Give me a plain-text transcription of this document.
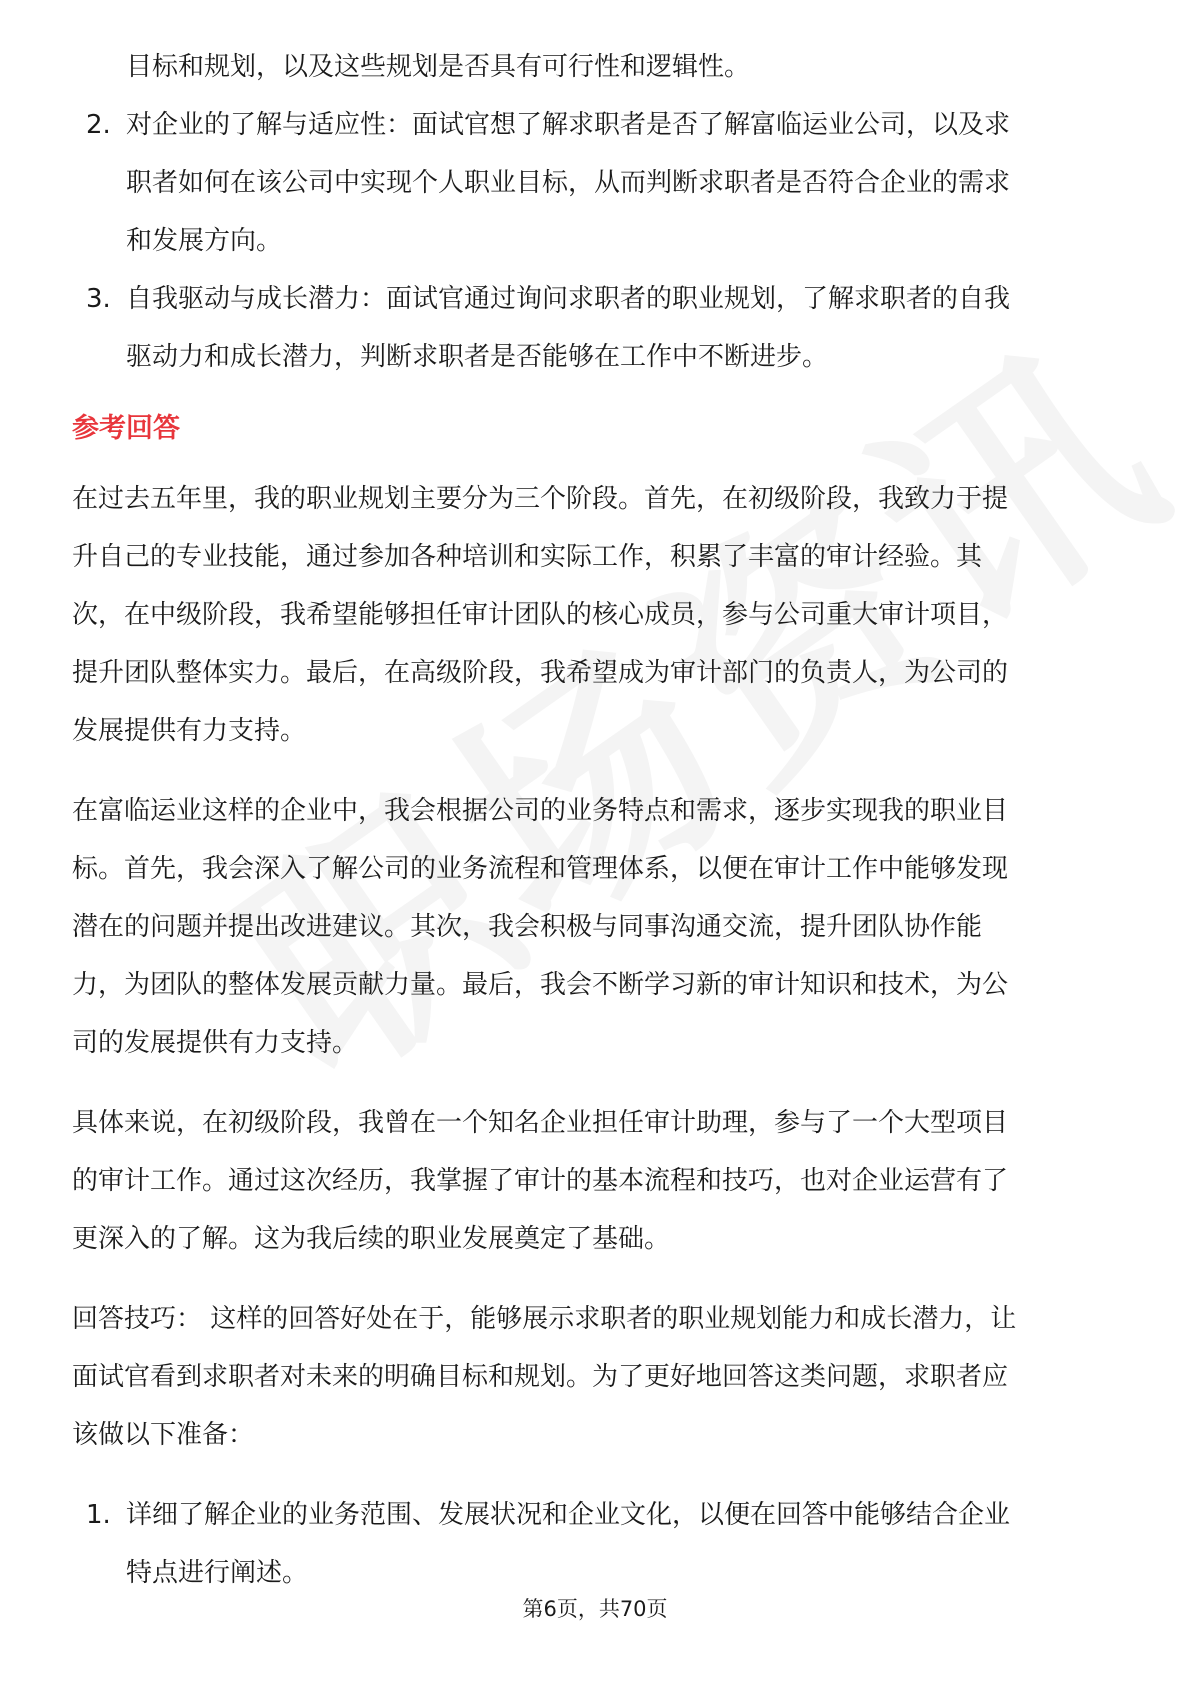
目标和规划，以及这些规划是否具有可行性和逻辑性。

2. 对企业的了解与适应性：面试官想了解求职者是否了解富临运业公司，以及求

职者如何在该公司中实现个人职业目标，从而判断求职者是否符合企业的需求

和发展方向。

3. 自我驱动与成长潜力：面试官通过询问求职者的职业规划，了解求职者的自我

驱动力和成长潜力，判断求职者是否能够在工作中不断进步。

参考回答

在过去五年里，我的职业规划主要分为三个阶段。首先，在初级阶段，我致力于提

升自己的专业技能，通过参加各种培训和实际工作，积累了丰富的审计经验。其

次，在中级阶段，我希望能够担任审计团队的核心成员，参与公司重大审计项目，

提升团队整体实力。最后，在高级阶段，我希望成为审计部门的负责人，为公司的

发展提供有力支持。

在富临运业这样的企业中，我会根据公司的业务特点和需求，逐步实现我的职业目

标。首先，我会深入了解公司的业务流程和管理体系，以便在审计工作中能够发现

潜在的问题并提出改进建议。其次，我会积极与同事沟通交流，提升团队协作能

力，为团队的整体发展贡献力量。最后，我会不断学习新的审计知识和技术，为公

司的发展提供有力支持。

具体来说，在初级阶段，我曾在一个知名企业担任审计助理，参与了一个大型项目

的审计工作。通过这次经历，我掌握了审计的基本流程和技巧，也对企业运营有了

更深入的了解。这为我后续的职业发展奠定了基础。

回答技巧： 这样的回答好处在于，能够展示求职者的职业规划能力和成长潜力，让

面试官看到求职者对未来的明确目标和规划。为了更好地回答这类问题，求职者应

该做以下准备：

1. 详细了解企业的业务范围、发展状况和企业文化，以便在回答中能够结合企业

特点进行阐述。

第6页，共70页
